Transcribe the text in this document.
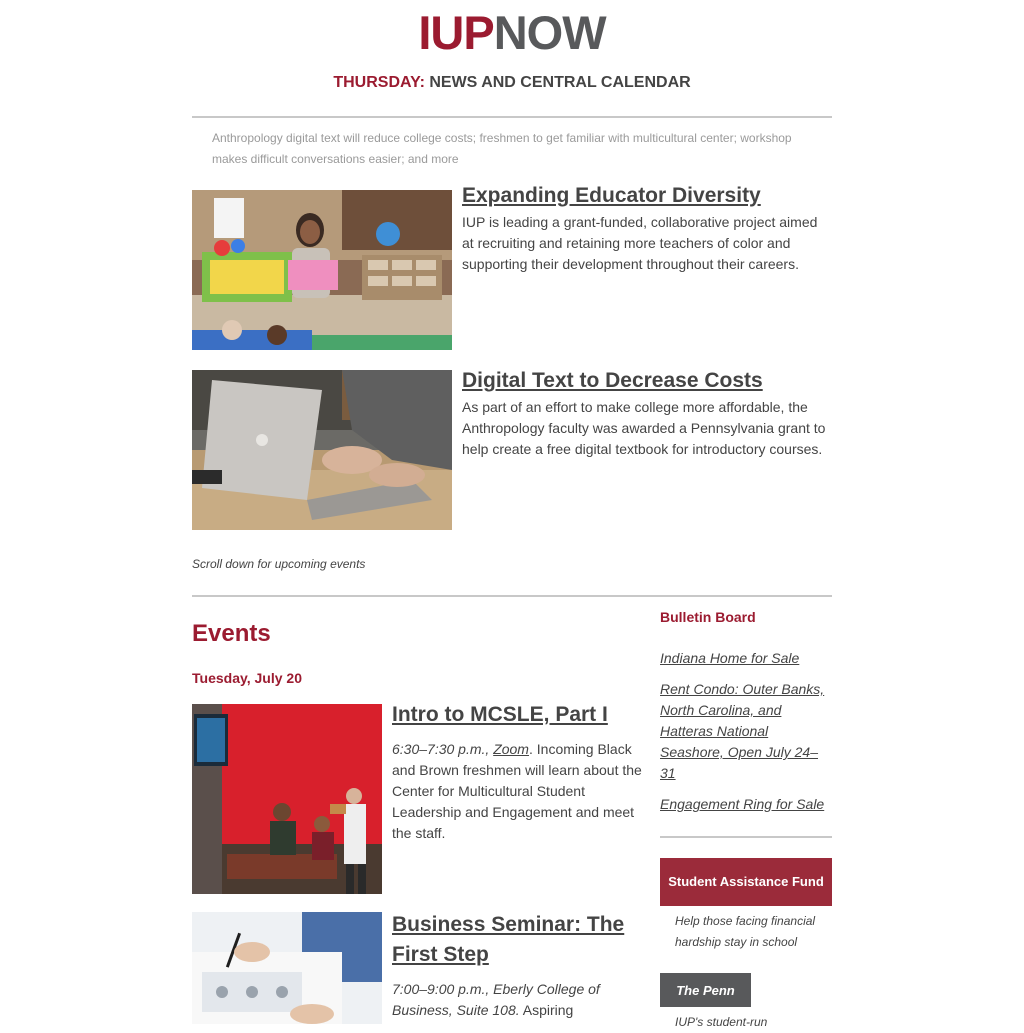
IUPNOW
THURSDAY: NEWS AND CENTRAL CALENDAR
Anthropology digital text will reduce college costs; freshmen to get familiar with multicultural center; workshop makes difficult conversations easier; and more
Expanding Educator Diversity
IUP is leading a grant-funded, collaborative project aimed at recruiting and retaining more teachers of color and supporting their development throughout their careers.
Digital Text to Decrease Costs
As part of an effort to make college more affordable, the Anthropology faculty was awarded a Pennsylvania grant to help create a free digital textbook for introductory courses.
Scroll down for upcoming events
Events
Tuesday, July 20
Intro to MCSLE, Part I
6:30–7:30 p.m., Zoom. Incoming Black and Brown freshmen will learn about the Center for Multicultural Student Leadership and Engagement and meet the staff.
Business Seminar: The First Step
7:00–9:00 p.m., Eberly College of Business, Suite 108. Aspiring
Bulletin Board
Indiana Home for Sale
Rent Condo: Outer Banks, North Carolina, and Hatteras National Seashore, Open July 24–31
Engagement Ring for Sale
Student Assistance Fund
Help those facing financial hardship stay in school
The Penn
IUP's student-run
